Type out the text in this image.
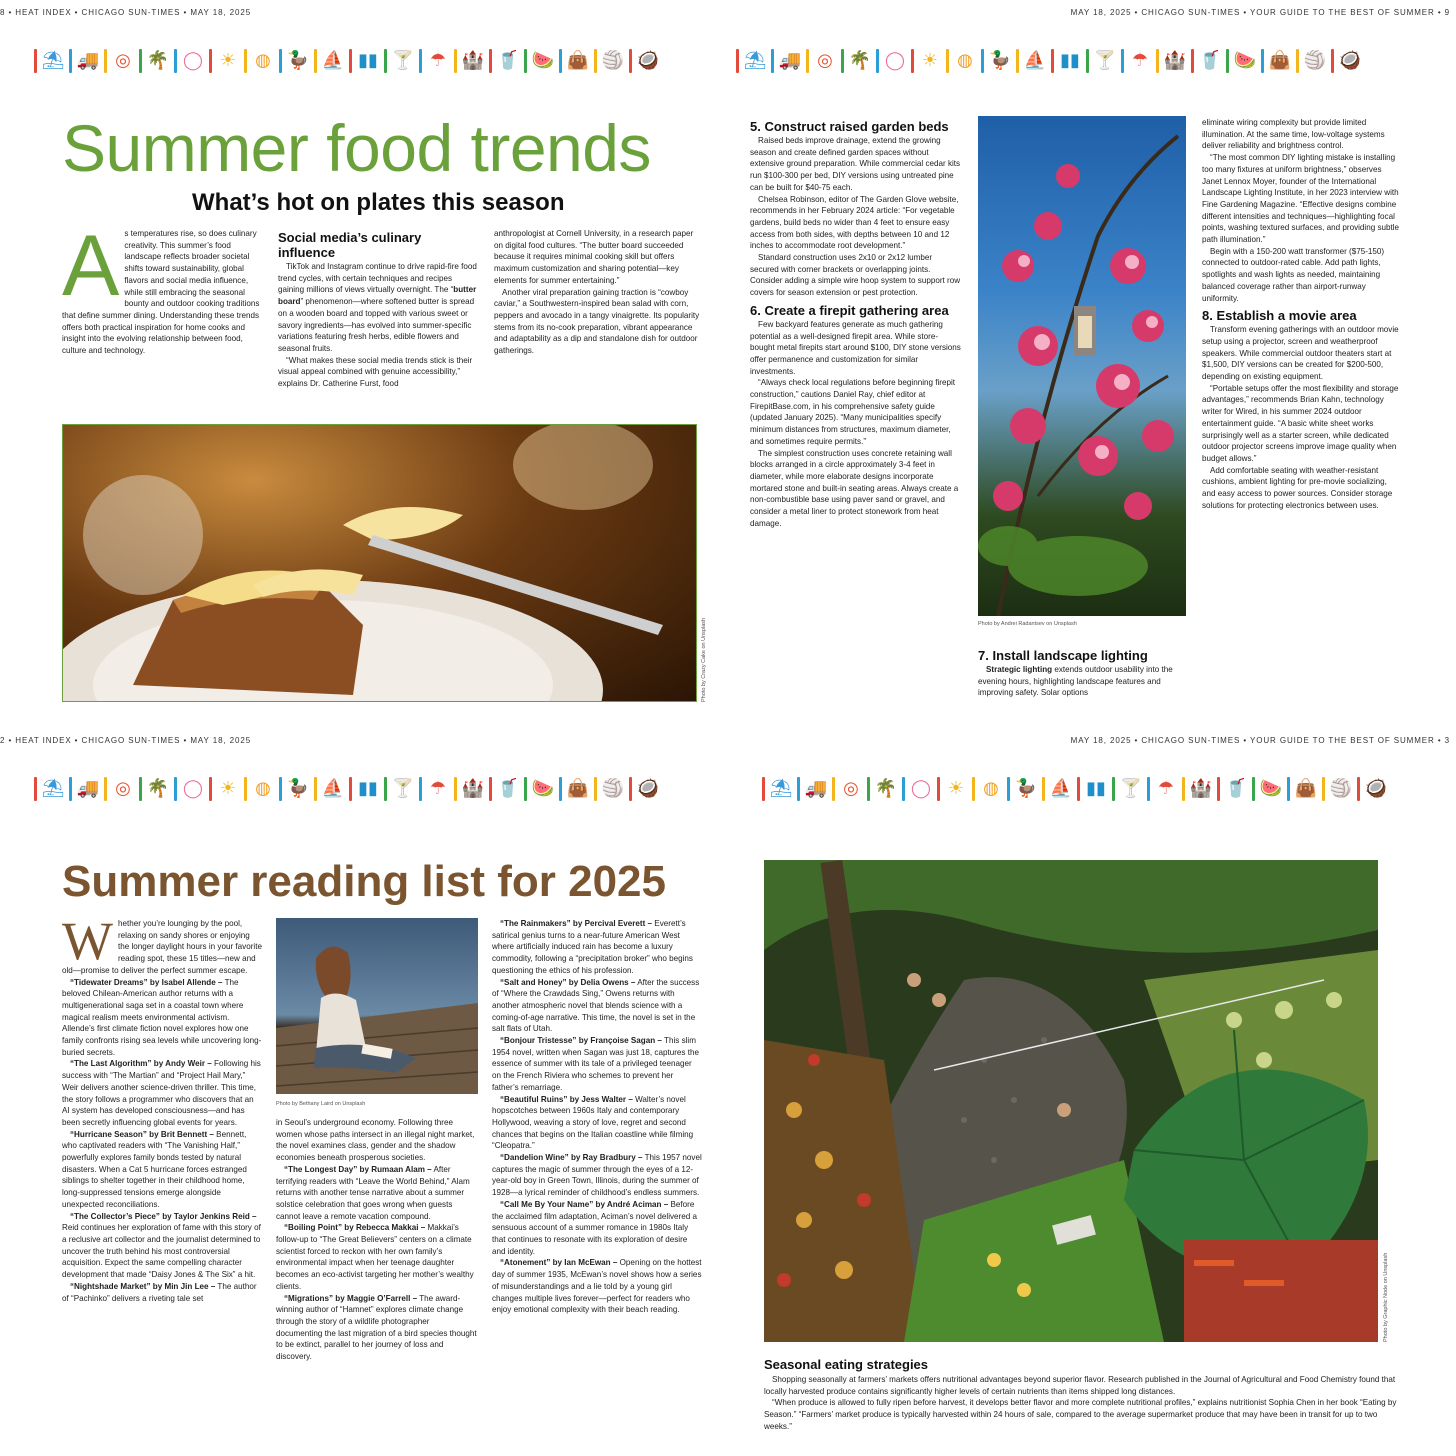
8 • HEAT INDEX • CHICAGO SUN-TIMES • MAY 18, 2025
⛱ 🚚 ◎ 🌴 ◯ ☀ ◍ 🦆 ⛵ ▮▮ 🍸 ☂ 🏰 🥤 🍉 👜 🏐 🥥
Summer food trends
What’s hot on plates this season

As temperatures rise, so does culinary creativity. This summer’s food landscape reflects broader societal shifts toward sustainability, global flavors and social media influence, while still embracing the seasonal bounty and outdoor cooking traditions that define summer dining. Understanding these trends offers both practical inspiration for home cooks and insight into the evolving relationship between food, culture and technology.

Social media’s culinary influence

TikTok and Instagram continue to drive rapid-fire food trend cycles, with certain techniques and recipes gaining millions of views virtually overnight. The “butter board” phenomenon—where softened butter is spread on a wooden board and topped with various sweet or savory ingredients—has evolved into summer-specific variations featuring fresh herbs, edible flowers and seasonal fruits.

“What makes these social media trends stick is their visual appeal combined with genuine accessibility,” explains Dr. Catherine Furst, food

anthropologist at Cornell University, in a research paper on digital food cultures. “The butter board succeeded because it requires minimal cooking skill but offers maximum customization and sharing potential—key elements for summer entertaining.”

Another viral preparation gaining traction is “cowboy caviar,” a Southwestern-inspired bean salad with corn, peppers and avocado in a tangy vinaigrette. Its popularity stems from its no-cook preparation, vibrant appearance and adaptability as a dip and standalone dish for outdoor gatherings.

Photo by Crazy Cake on Unsplash
MAY 18, 2025 • CHICAGO SUN-TIMES • YOUR GUIDE TO THE BEST OF SUMMER • 9
⛱ 🚚 ◎ 🌴 ◯ ☀ ◍ 🦆 ⛵ ▮▮ 🍸 ☂ 🏰 🥤 🍉 👜 🏐 🥥
5. Construct raised garden beds

Raised beds improve drainage, extend the growing season and create defined garden spaces without extensive ground preparation. While commercial cedar kits run $100-300 per bed, DIY versions using untreated pine can be built for $40-75 each.

Chelsea Robinson, editor of The Garden Glove website, recommends in her February 2024 article: “For vegetable gardens, build beds no wider than 4 feet to ensure easy access from both sides, with depths between 10 and 12 inches to accommodate root development.”

Standard construction uses 2x10 or 2x12 lumber secured with corner brackets or overlapping joints. Consider adding a simple wire hoop system to support row covers for season extension or pest protection.

6. Create a firepit gathering area

Few backyard features generate as much gathering potential as a well-designed firepit area. While store-bought metal firepits start around $100, DIY stone versions offer permanence and customization for similar investments.

“Always check local regulations before beginning firepit construction,” cautions Daniel Ray, chief editor at FirepitBase.com, in his comprehensive safety guide (updated January 2025). “Many municipalities specify minimum distances from structures, maximum diameter, and sometimes require permits.”

The simplest construction uses concrete retaining wall blocks arranged in a circle approximately 3-4 feet in diameter, while more elaborate designs incorporate mortared stone and built-in seating areas. Always create a non-combustible base using paver sand or gravel, and consider a metal liner to protect stonework from heat damage.

Photo by Andrei Radantsev on Unsplash
7. Install landscape lighting

Strategic lighting extends outdoor usability into the evening hours, highlighting landscape features and improving safety. Solar options

eliminate wiring complexity but provide limited illumination. At the same time, low-voltage systems deliver reliability and brightness control.

“The most common DIY lighting mistake is installing too many fixtures at uniform brightness,” observes Janet Lennox Moyer, founder of the International Landscape Lighting Institute, in her 2023 interview with Fine Gardening Magazine. “Effective designs combine different intensities and techniques—highlighting focal points, washing textured surfaces, and providing subtle path illumination.”

Begin with a 150-200 watt transformer ($75-150) connected to outdoor-rated cable. Add path lights, spotlights and wash lights as needed, maintaining balanced coverage rather than airport-runway uniformity.

8. Establish a movie area

Transform evening gatherings with an outdoor movie setup using a projector, screen and weatherproof speakers. While commercial outdoor theaters start at $1,500, DIY versions can be created for $200-500, depending on existing equipment.

“Portable setups offer the most flexibility and storage advantages,” recommends Brian Kahn, technology writer for Wired, in his summer 2024 outdoor entertainment guide. “A basic white sheet works surprisingly well as a starter screen, while dedicated outdoor projector screens improve image quality when budget allows.”

Add comfortable seating with weather-resistant cushions, ambient lighting for pre-movie socializing, and easy access to power sources. Consider storage solutions for protecting electronics between uses.

2 • HEAT INDEX • CHICAGO SUN-TIMES • MAY 18, 2025
⛱ 🚚 ◎ 🌴 ◯ ☀ ◍ 🦆 ⛵ ▮▮ 🍸 ☂ 🏰 🥤 🍉 👜 🏐 🥥
Summer reading list for 2025

Whether you’re lounging by the pool, relaxing on sandy shores or enjoying the longer daylight hours in your favorite reading spot, these 15 titles—new and old—promise to deliver the perfect summer escape.

“Tidewater Dreams” by Isabel Allende – The beloved Chilean-American author returns with a multigenerational saga set in a coastal town where magical realism meets environmental activism. Allende’s first climate fiction novel explores how one family confronts rising sea levels while uncovering long-buried secrets.

“The Last Algorithm” by Andy Weir – Following his success with “The Martian” and “Project Hail Mary,” Weir delivers another science-driven thriller. This time, the story follows a programmer who discovers that an AI system has developed consciousness—and has been secretly influencing global events for years.

“Hurricane Season” by Brit Bennett – Bennett, who captivated readers with “The Vanishing Half,” powerfully explores family bonds tested by natural disasters. When a Cat 5 hurricane forces estranged siblings to shelter together in their childhood home, long-suppressed tensions emerge alongside unexpected reconciliations.

“The Collector’s Piece” by Taylor Jenkins Reid – Reid continues her exploration of fame with this story of a reclusive art collector and the journalist determined to uncover the truth behind his most controversial acquisition. Expect the same compelling character development that made “Daisy Jones & The Six” a hit.

“Nightshade Market” by Min Jin Lee – The author of “Pachinko” delivers a riveting tale set

Photo by Bethany Laird on Unsplash

in Seoul’s underground economy. Following three women whose paths intersect in an illegal night market, the novel examines class, gender and the shadow economies beneath prosperous societies.

“The Longest Day” by Rumaan Alam – After terrifying readers with “Leave the World Behind,” Alam returns with another tense narrative about a summer solstice celebration that goes wrong when guests cannot leave a remote vacation compound.

“Boiling Point” by Rebecca Makkai – Makkai’s follow-up to “The Great Believers” centers on a climate scientist forced to reckon with her own family’s environmental impact when her teenage daughter becomes an eco-activist targeting her mother’s wealthy clients.

“Migrations” by Maggie O’Farrell – The award-winning author of “Hamnet” explores climate change through the story of a wildlife photographer documenting the last migration of a bird species thought to be extinct, parallel to her journey of loss and discovery.

“The Rainmakers” by Percival Everett – Everett’s satirical genius turns to a near-future American West where artificially induced rain has become a luxury commodity, following a “precipitation broker” who begins questioning the ethics of his profession.

“Salt and Honey” by Delia Owens – After the success of “Where the Crawdads Sing,” Owens returns with another atmospheric novel that blends science with a coming-of-age narrative. This time, the novel is set in the salt flats of Utah.

“Bonjour Tristesse” by Françoise Sagan – This slim 1954 novel, written when Sagan was just 18, captures the essence of summer with its tale of a privileged teenager on the French Riviera who schemes to prevent her father’s remarriage.

“Beautiful Ruins” by Jess Walter – Walter’s novel hopscotches between 1960s Italy and contemporary Hollywood, weaving a story of love, regret and second chances that begins on the Italian coastline while filming “Cleopatra.”

“Dandelion Wine” by Ray Bradbury – This 1957 novel captures the magic of summer through the eyes of a 12-year-old boy in Green Town, Illinois, during the summer of 1928—a lyrical reminder of childhood’s endless summers.

“Call Me By Your Name” by André Aciman – Before the acclaimed film adaptation, Aciman’s novel delivered a sensuous account of a summer romance in 1980s Italy that continues to resonate with its exploration of desire and identity.

“Atonement” by Ian McEwan – Opening on the hottest day of summer 1935, McEwan’s novel shows how a series of misunderstandings and a lie told by a young girl changes multiple lives forever—perfect for readers who enjoy emotional complexity with their beach reading.

MAY 18, 2025 • CHICAGO SUN-TIMES • YOUR GUIDE TO THE BEST OF SUMMER • 3
⛱ 🚚 ◎ 🌴 ◯ ☀ ◍ 🦆 ⛵ ▮▮ 🍸 ☂ 🏰 🥤 🍉 👜 🏐 🥥
Photo by Graphic Node on Unsplash
Seasonal eating strategies

Shopping seasonally at farmers’ markets offers nutritional advantages beyond superior flavor. Research published in the Journal of Agricultural and Food Chemistry found that locally harvested produce contains significantly higher levels of certain nutrients than items shipped long distances.

“When produce is allowed to fully ripen before harvest, it develops better flavor and more complete nutritional profiles,” explains nutritionist Sophia Chen in her book “Eating by Season.” “Farmers’ market produce is typically harvested within 24 hours of sale, compared to the average supermarket produce that may have been in transit for up to two weeks.”
